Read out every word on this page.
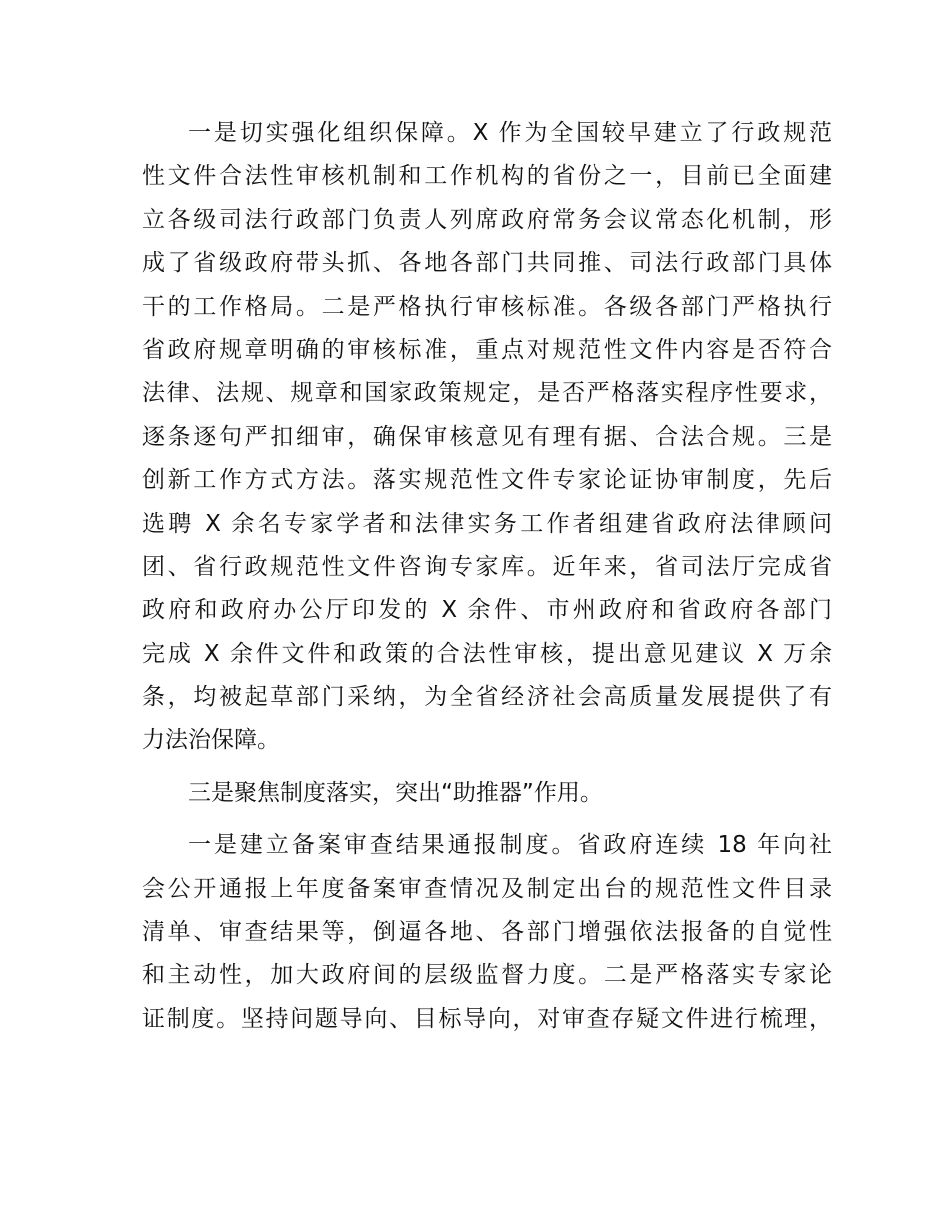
一是切实强化组织保障。X 作为全国较早建立了行政规范
性文件合法性审核机制和工作机构的省份之一，目前已全面建
立各级司法行政部门负责人列席政府常务会议常态化机制，形
成了省级政府带头抓、各地各部门共同推、司法行政部门具体
干的工作格局。二是严格执行审核标准。各级各部门严格执行
省政府规章明确的审核标准，重点对规范性文件内容是否符合
法律、法规、规章和国家政策规定，是否严格落实程序性要求，
逐条逐句严扣细审，确保审核意见有理有据、合法合规。三是
创新工作方式方法。落实规范性文件专家论证协审制度，先后
选聘 X 余名专家学者和法律实务工作者组建省政府法律顾问
团、省行政规范性文件咨询专家库。近年来，省司法厅完成省
政府和政府办公厅印发的 X 余件、市州政府和省政府各部门
完成 X 余件文件和政策的合法性审核，提出意见建议 X 万余
条，均被起草部门采纳，为全省经济社会高质量发展提供了有
力法治保障。
三是聚焦制度落实，突出“助推器”作用。
一是建立备案审查结果通报制度。省政府连续 18 年向社
会公开通报上年度备案审查情况及制定出台的规范性文件目录
清单、审查结果等，倒逼各地、各部门增强依法报备的自觉性
和主动性，加大政府间的层级监督力度。二是严格落实专家论
证制度。坚持问题导向、目标导向，对审查存疑文件进行梳理，
